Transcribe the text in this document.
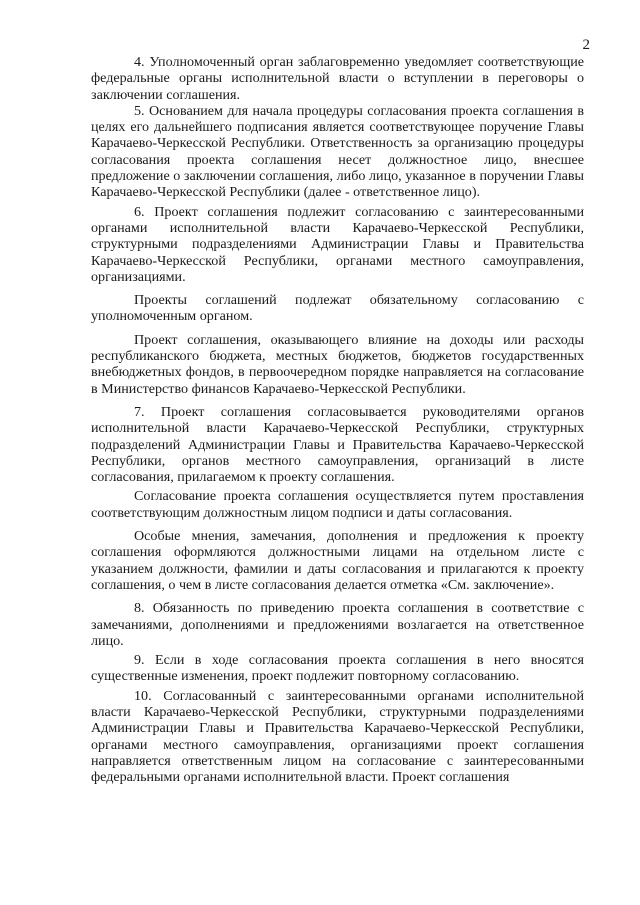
2

4. Уполномоченный орган заблаговременно уведомляет соответствующие федеральные органы исполнительной власти о вступлении в переговоры о заключении соглашения.

5. Основанием для начала процедуры согласования проекта соглашения в целях его дальнейшего подписания является соответствующее поручение Главы Карачаево-Черкесской Республики. Ответственность за организацию процедуры согласования проекта соглашения несет должностное лицо, внесшее предложение о заключении соглашения, либо лицо, указанное в поручении Главы Карачаево-Черкесской Республики (далее - ответственное лицо).

6. Проект соглашения подлежит согласованию с заинтересованными органами исполнительной власти Карачаево-Черкесской Республики, структурными подразделениями Администрации Главы и Правительства Карачаево-Черкесской Республики, органами местного самоуправления, организациями.

Проекты соглашений подлежат обязательному согласованию с уполномоченным органом.

Проект соглашения, оказывающего влияние на доходы или расходы республиканского бюджета, местных бюджетов, бюджетов государственных внебюджетных фондов, в первоочередном порядке направляется на согласование в Министерство финансов Карачаево-Черкесской Республики.

7. Проект соглашения согласовывается руководителями органов исполнительной власти Карачаево-Черкесской Республики, структурных подразделений Администрации Главы и Правительства Карачаево-Черкесской Республики, органов местного самоуправления, организаций в листе согласования, прилагаемом к проекту соглашения.

Согласование проекта соглашения осуществляется путем проставления соответствующим должностным лицом подписи и даты согласования.

Особые мнения, замечания, дополнения и предложения к проекту соглашения оформляются должностными лицами на отдельном листе с указанием должности, фамилии и даты согласования и прилагаются к проекту соглашения, о чем в листе согласования делается отметка «См. заключение».

8. Обязанность по приведению проекта соглашения в соответствие с замечаниями, дополнениями и предложениями возлагается на ответственное лицо.

9. Если в ходе согласования проекта соглашения в него вносятся существенные изменения, проект подлежит повторному согласованию.

10. Согласованный с заинтересованными органами исполнительной власти Карачаево-Черкесской Республики, структурными подразделениями Администрации Главы и Правительства Карачаево-Черкесской Республики, органами местного самоуправления, организациями проект соглашения направляется ответственным лицом на согласование с заинтересованными федеральными органами исполнительной власти. Проект соглашения
